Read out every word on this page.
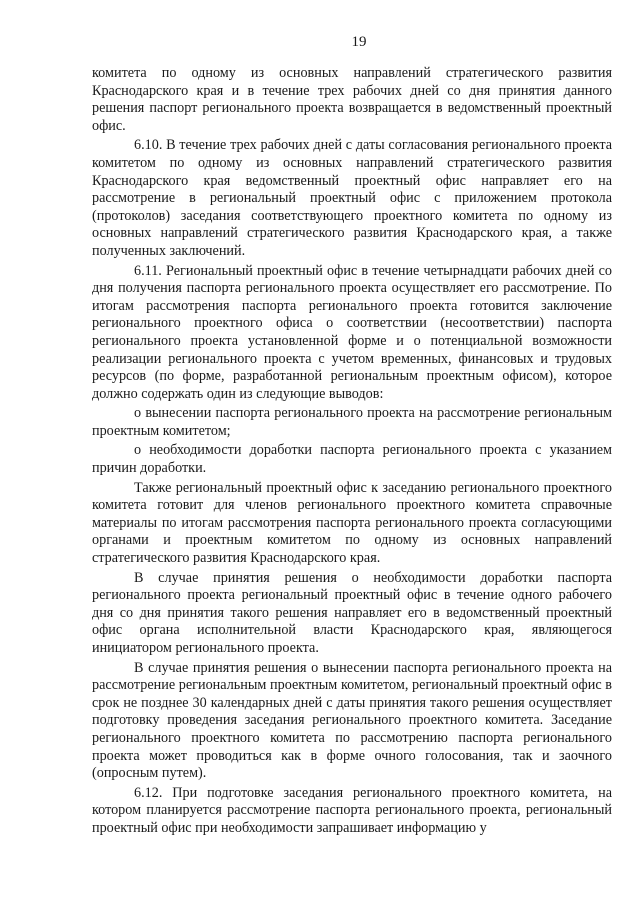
19

комитета по одному из основных направлений стратегического развития Краснодарского края и в течение трех рабочих дней со дня принятия данного решения паспорт регионального проекта возвращается в ведомственный проектный офис.

6.10. В течение трех рабочих дней с даты согласования регионального проекта комитетом по одному из основных направлений стратегического развития Краснодарского края ведомственный проектный офис направляет его на рассмотрение в региональный проектный офис с приложением протокола (протоколов) заседания соответствующего проектного комитета по одному из основных направлений стратегического развития Краснодарского края, а также полученных заключений.

6.11. Региональный проектный офис в течение четырнадцати рабочих дней со дня получения паспорта регионального проекта осуществляет его рассмотрение. По итогам рассмотрения паспорта регионального проекта готовится заключение регионального проектного офиса о соответствии (несоответствии) паспорта регионального проекта установленной форме и о потенциальной возможности реализации регионального проекта с учетом временных, финансовых и трудовых ресурсов (по форме, разработанной региональным проектным офисом), которое должно содержать один из следующие выводов:

о вынесении паспорта регионального проекта на рассмотрение региональным проектным комитетом;

о необходимости доработки паспорта регионального проекта с указанием причин доработки.

Также региональный проектный офис к заседанию регионального проектного комитета готовит для членов регионального проектного комитета справочные материалы по итогам рассмотрения паспорта регионального проекта согласующими органами и проектным комитетом по одному из основных направлений стратегического развития Краснодарского края.

В случае принятия решения о необходимости доработки паспорта регионального проекта региональный проектный офис в течение одного рабочего дня со дня принятия такого решения направляет его в ведомственный проектный офис органа исполнительной власти Краснодарского края, являющегося инициатором регионального проекта.

В случае принятия решения о вынесении паспорта регионального проекта на рассмотрение региональным проектным комитетом, региональный проектный офис в срок не позднее 30 календарных дней с даты принятия такого решения осуществляет подготовку проведения заседания регионального проектного комитета. Заседание регионального проектного комитета по рассмотрению паспорта регионального проекта может проводиться как в форме очного голосования, так и заочного (опросным путем).

6.12. При подготовке заседания регионального проектного комитета, на котором планируется рассмотрение паспорта регионального проекта, региональный проектный офис при необходимости запрашивает информацию у
